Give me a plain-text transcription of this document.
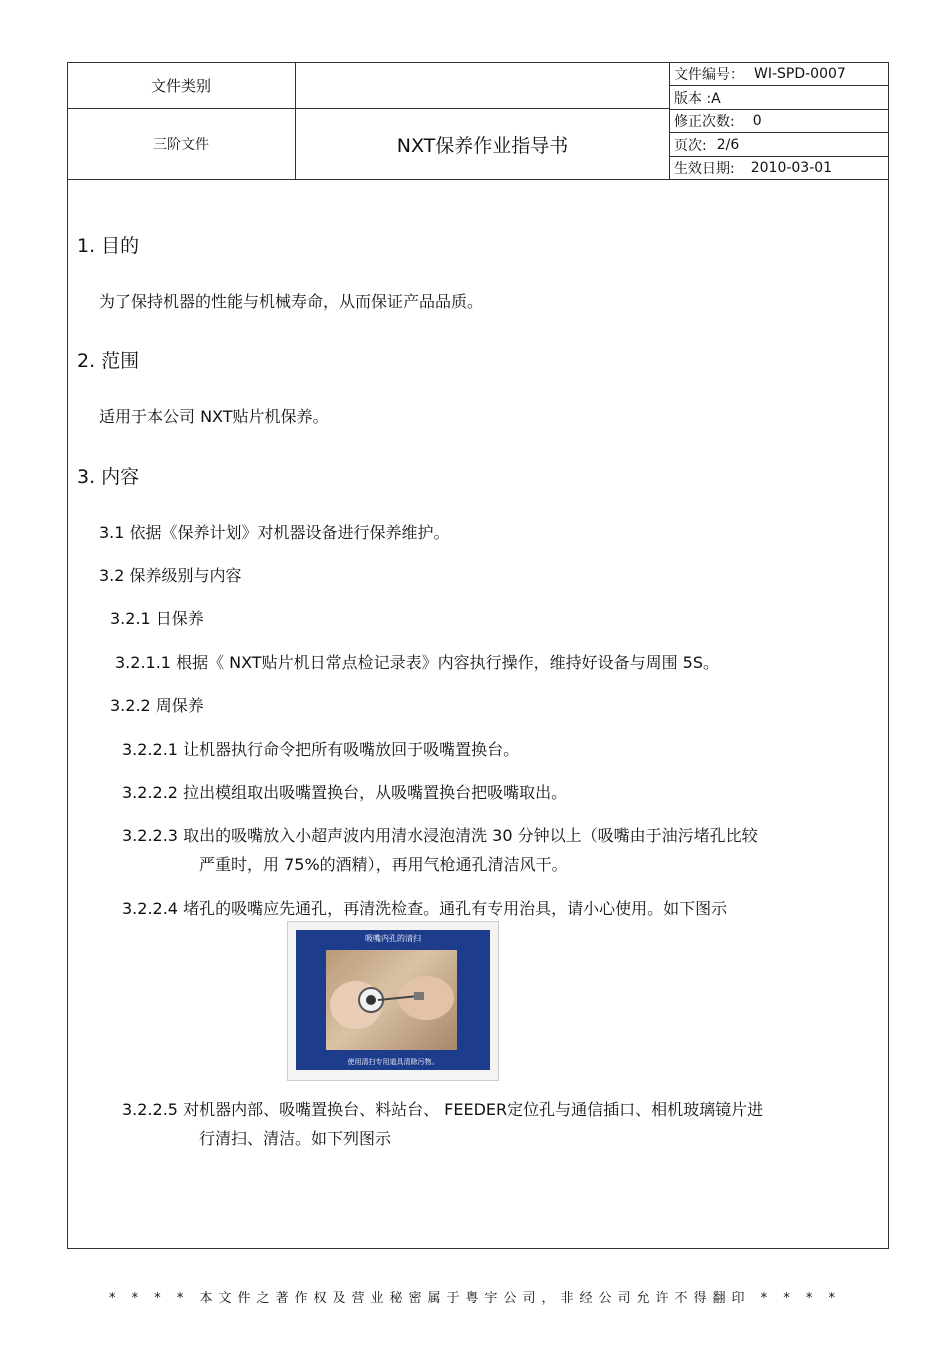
文件类别
三阶文件	NXT保养作业指导书
文件编号： WI-SPD-0007
版本 :A
修正次数: 0
页次: 2/6
生效日期: 2010-03-01
1. 目的
为了保持机器的性能与机械寿命，从而保证产品品质。
2. 范围
适用于本公司 NXT贴片机保养。
3. 内容
3.1 依据《保养计划》对机器设备进行保养维护。
3.2 保养级别与内容
3.2.1 日保养
3.2.1.1 根据《 NXT贴片机日常点检记录表》内容执行操作，维持好设备与周围 5S。
3.2.2 周保养
3.2.2.1 让机器执行命令把所有吸嘴放回于吸嘴置换台。
3.2.2.2 拉出模组取出吸嘴置换台，从吸嘴置换台把吸嘴取出。
3.2.2.3 取出的吸嘴放入小超声波内用清水浸泡清洗 30 分钟以上（吸嘴由于油污堵孔比较
严重时，用 75%的酒精），再用气枪通孔清洁风干。
3.2.2.4 堵孔的吸嘴应先通孔，再清洗检查。通孔有专用治具，请小心使用。如下图示
吸嘴内孔的清扫
使用清扫专用道具清除污物。
3.2.2.5 对机器内部、吸嘴置换台、料站台、 FEEDER定位孔与通信插口、相机玻璃镜片进
行清扫、清洁。如下列图示
* * * * 本文件之著作权及营业秘密属于粤宇公司，非经公司允许不得翻印 * * * *
